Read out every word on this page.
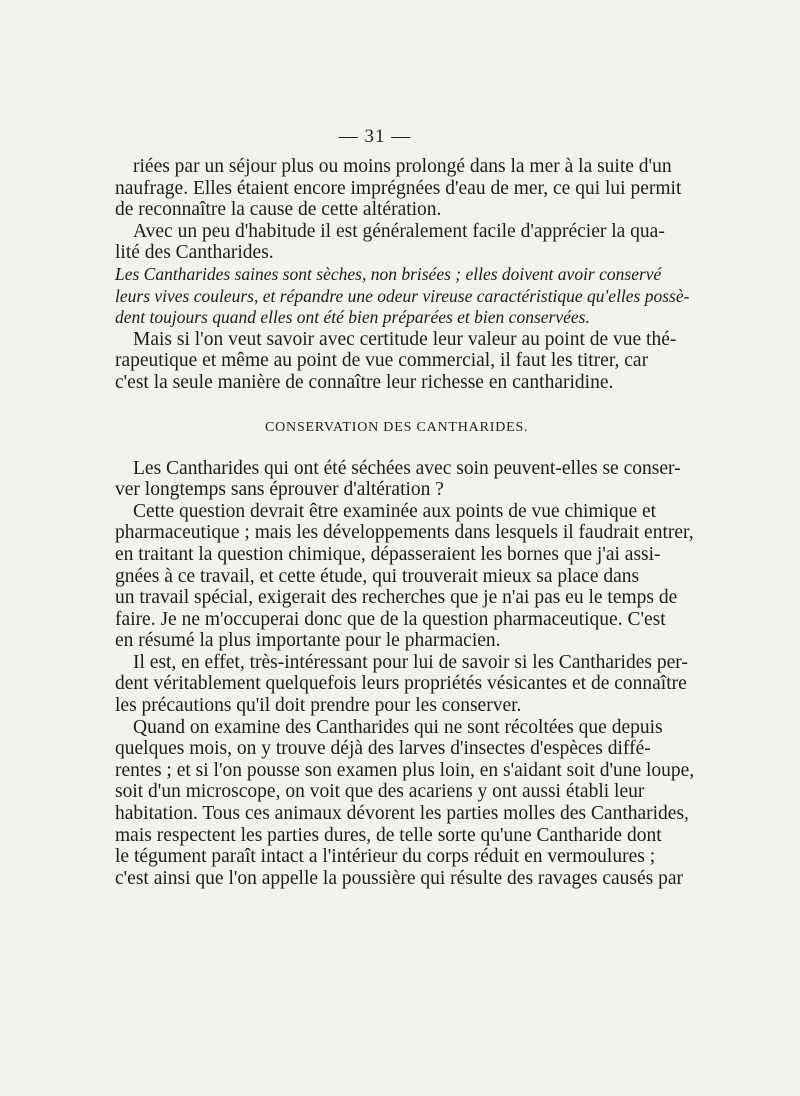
— 31 —
riées par un séjour plus ou moins prolongé dans la mer à la suite d'un
naufrage. Elles étaient encore imprégnées d'eau de mer, ce qui lui permit
de reconnaître la cause de cette altération.
Avec un peu d'habitude il est généralement facile d'apprécier la qua-
lité des Cantharides.
Les Cantharides saines sont sèches, non brisées ; elles doivent avoir conservé
leurs vives couleurs, et répandre une odeur vireuse caractéristique qu'elles possè-
dent toujours quand elles ont été bien préparées et bien conservées.
Mais si l'on veut savoir avec certitude leur valeur au point de vue thé-
rapeutique et même au point de vue commercial, il faut les titrer, car
c'est la seule manière de connaître leur richesse en cantharidine.
CONSERVATION DES CANTHARIDES.
Les Cantharides qui ont été séchées avec soin peuvent-elles se conser-
ver longtemps sans éprouver d'altération ?
Cette question devrait être examinée aux points de vue chimique et
pharmaceutique ; mais les développements dans lesquels il faudrait entrer,
en traitant la question chimique, dépasseraient les bornes que j'ai assi-
gnées à ce travail, et cette étude, qui trouverait mieux sa place dans
un travail spécial, exigerait des recherches que je n'ai pas eu le temps de
faire. Je ne m'occuperai donc que de la question pharmaceutique. C'est
en résumé la plus importante pour le pharmacien.
Il est, en effet, très-intéressant pour lui de savoir si les Cantharides per-
dent véritablement quelquefois leurs propriétés vésicantes et de connaître
les précautions qu'il doit prendre pour les conserver.
Quand on examine des Cantharides qui ne sont récoltées que depuis
quelques mois, on y trouve déjà des larves d'insectes d'espèces diffé-
rentes ; et si l'on pousse son examen plus loin, en s'aidant soit d'une loupe,
soit d'un microscope, on voit que des acariens y ont aussi établi leur
habitation. Tous ces animaux dévorent les parties molles des Cantharides,
mais respectent les parties dures, de telle sorte qu'une Cantharide dont
le tégument paraît intact a l'intérieur du corps réduit en vermoulures ;
c'est ainsi que l'on appelle la poussière qui résulte des ravages causés par
